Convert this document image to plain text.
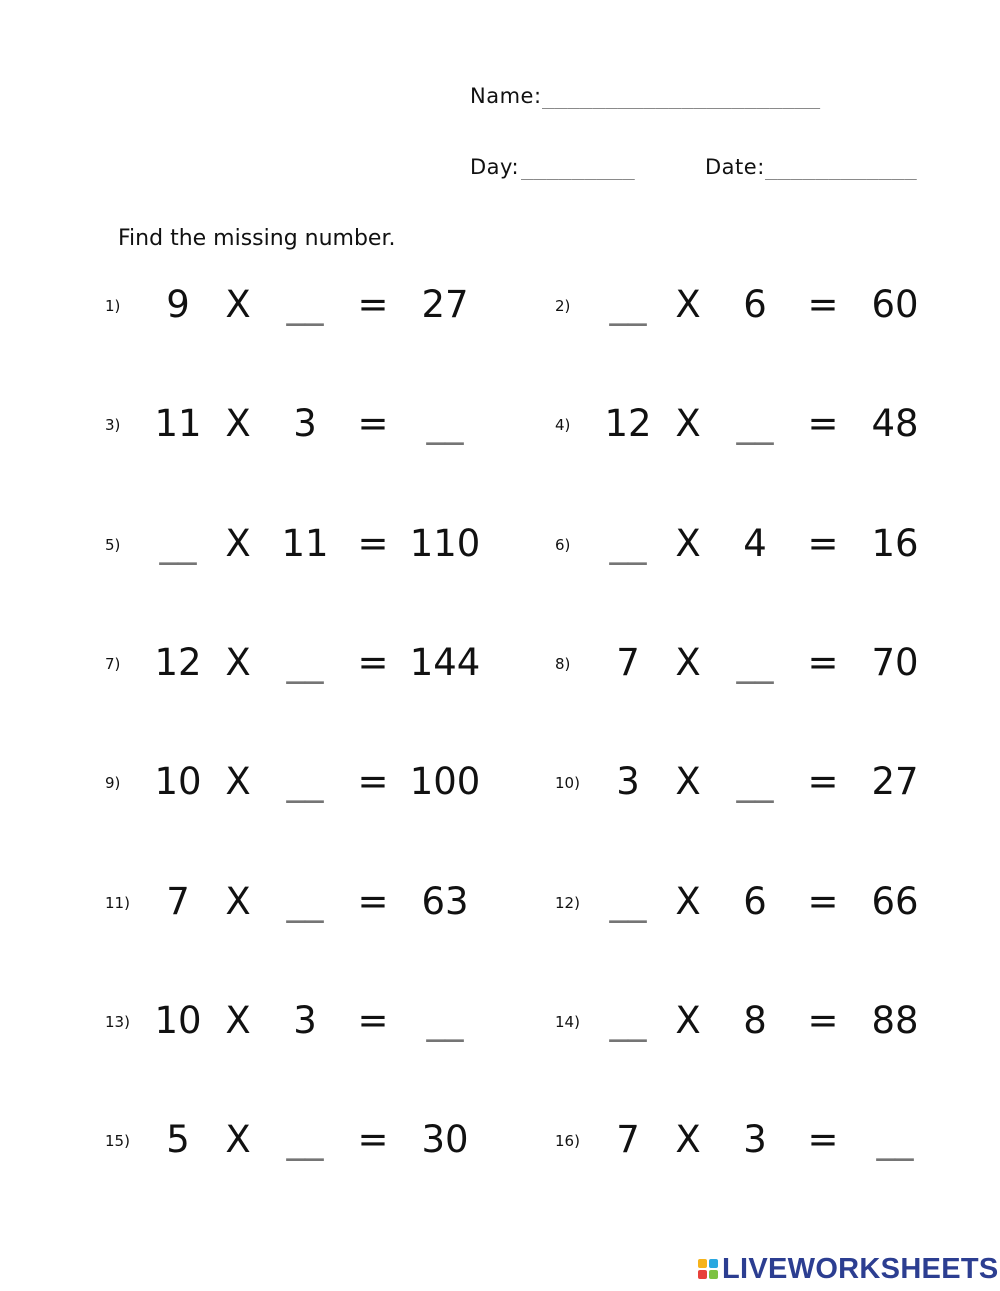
Name:
______________________
Day:
_________	Date:
____________
Find the missing number.
1) 9 X
__	= 27	2)
__	X 6 = 60
3) 11 X 3 =
__	4) 12 X
__	= 48
5)
__	X 11 = 110	6)
__	X 4 = 16
7) 12 X
__	= 144	8) 7 X
__	= 70
9) 10 X
__	= 100	10) 3 X
__	= 27
11) 7 X
__	= 63	12)
__	X 6 = 66
13) 10 X 3 =
__	14)
__	X 8 = 88
15) 5 X
__	= 30	16) 7 X 3 =
__
LIVEWORKSHEETS
